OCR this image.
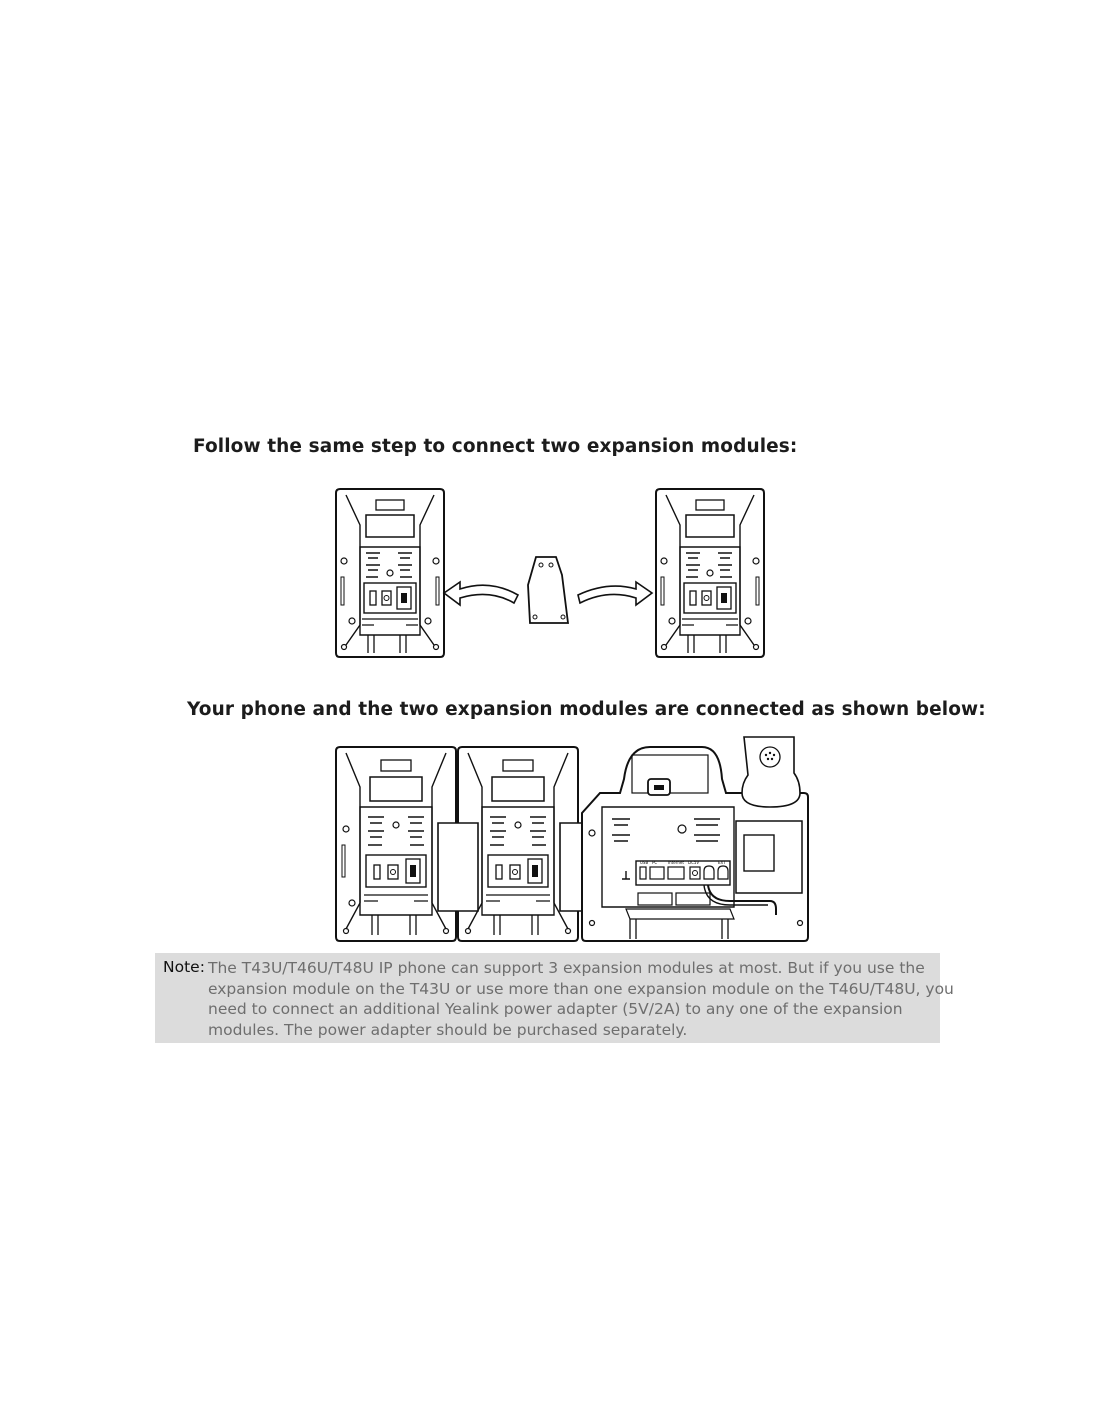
Follow the same step to connect two expansion modules:
Your phone and the two expansion modules are connected as shown below:
USB PC	Internet DC5V	EXT
Note: The T43U/T46U/T48U IP phone can support 3 expansion modules at most. But if you use the
expansion module on the T43U or use more than one expansion module on the T46U/T48U, you
need to connect an additional Yealink power adapter (5V/2A) to any one of the expansion
modules. The power adapter should be purchased separately.
